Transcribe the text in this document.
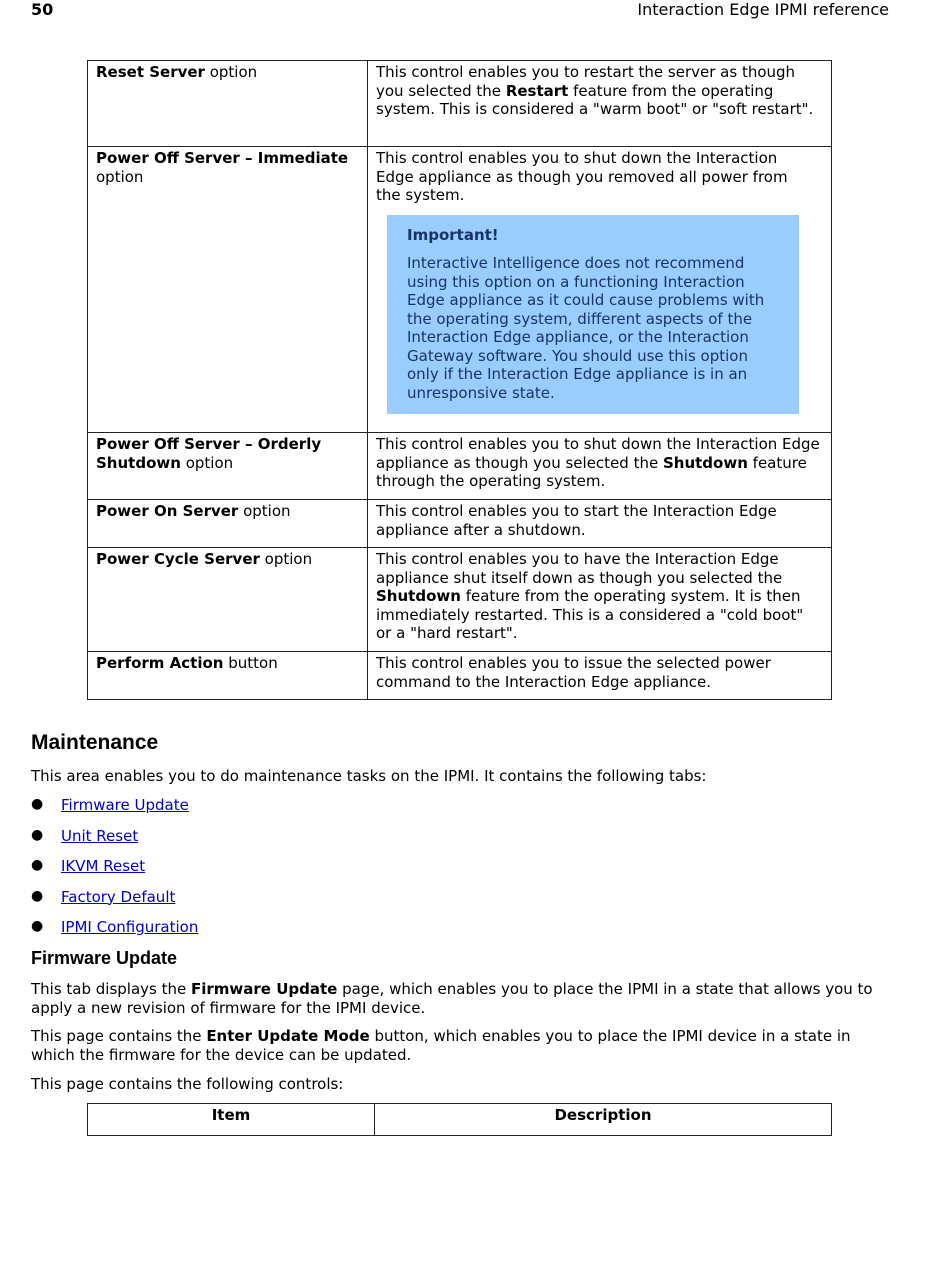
50	Interaction Edge IPMI reference
Reset Server option	This control enables you to restart the server as though you selected the Restart feature from the operating system. This is considered a "warm boot" or "soft restart".
Power Off Server – Immediate option	This control enables you to shut down the Interaction Edge appliance as though you removed all power from the system.
Important!
Interactive Intelligence does not recommend using this option on a functioning Interaction Edge appliance as it could cause problems with the operating system, different aspects of the Interaction Edge appliance, or the Interaction Gateway software. You should use this option only if the Interaction Edge appliance is in an unresponsive state.

Power Off Server – Orderly Shutdown option	This control enables you to shut down the Interaction Edge appliance as though you selected the Shutdown feature through the operating system.
Power On Server option	This control enables you to start the Interaction Edge appliance after a shutdown.
Power Cycle Server option	This control enables you to have the Interaction Edge appliance shut itself down as though you selected the Shutdown feature from the operating system. It is then immediately restarted. This is a considered a "cold boot" or a "hard restart".
Perform Action button	This control enables you to issue the selected power command to the Interaction Edge appliance.
Maintenance

This area enables you to do maintenance tasks on the IPMI. It contains the following tabs:

●	Firmware Update
●	Unit Reset
●	IKVM Reset
●	Factory Default
●	IPMI Configuration
Firmware Update

This tab displays the Firmware Update page, which enables you to place the IPMI in a state that allows you to apply a new revision of firmware for the IPMI device.

This page contains the Enter Update Mode button, which enables you to place the IPMI device in a state in which the firmware for the device can be updated.

This page contains the following controls:

Item	Description
